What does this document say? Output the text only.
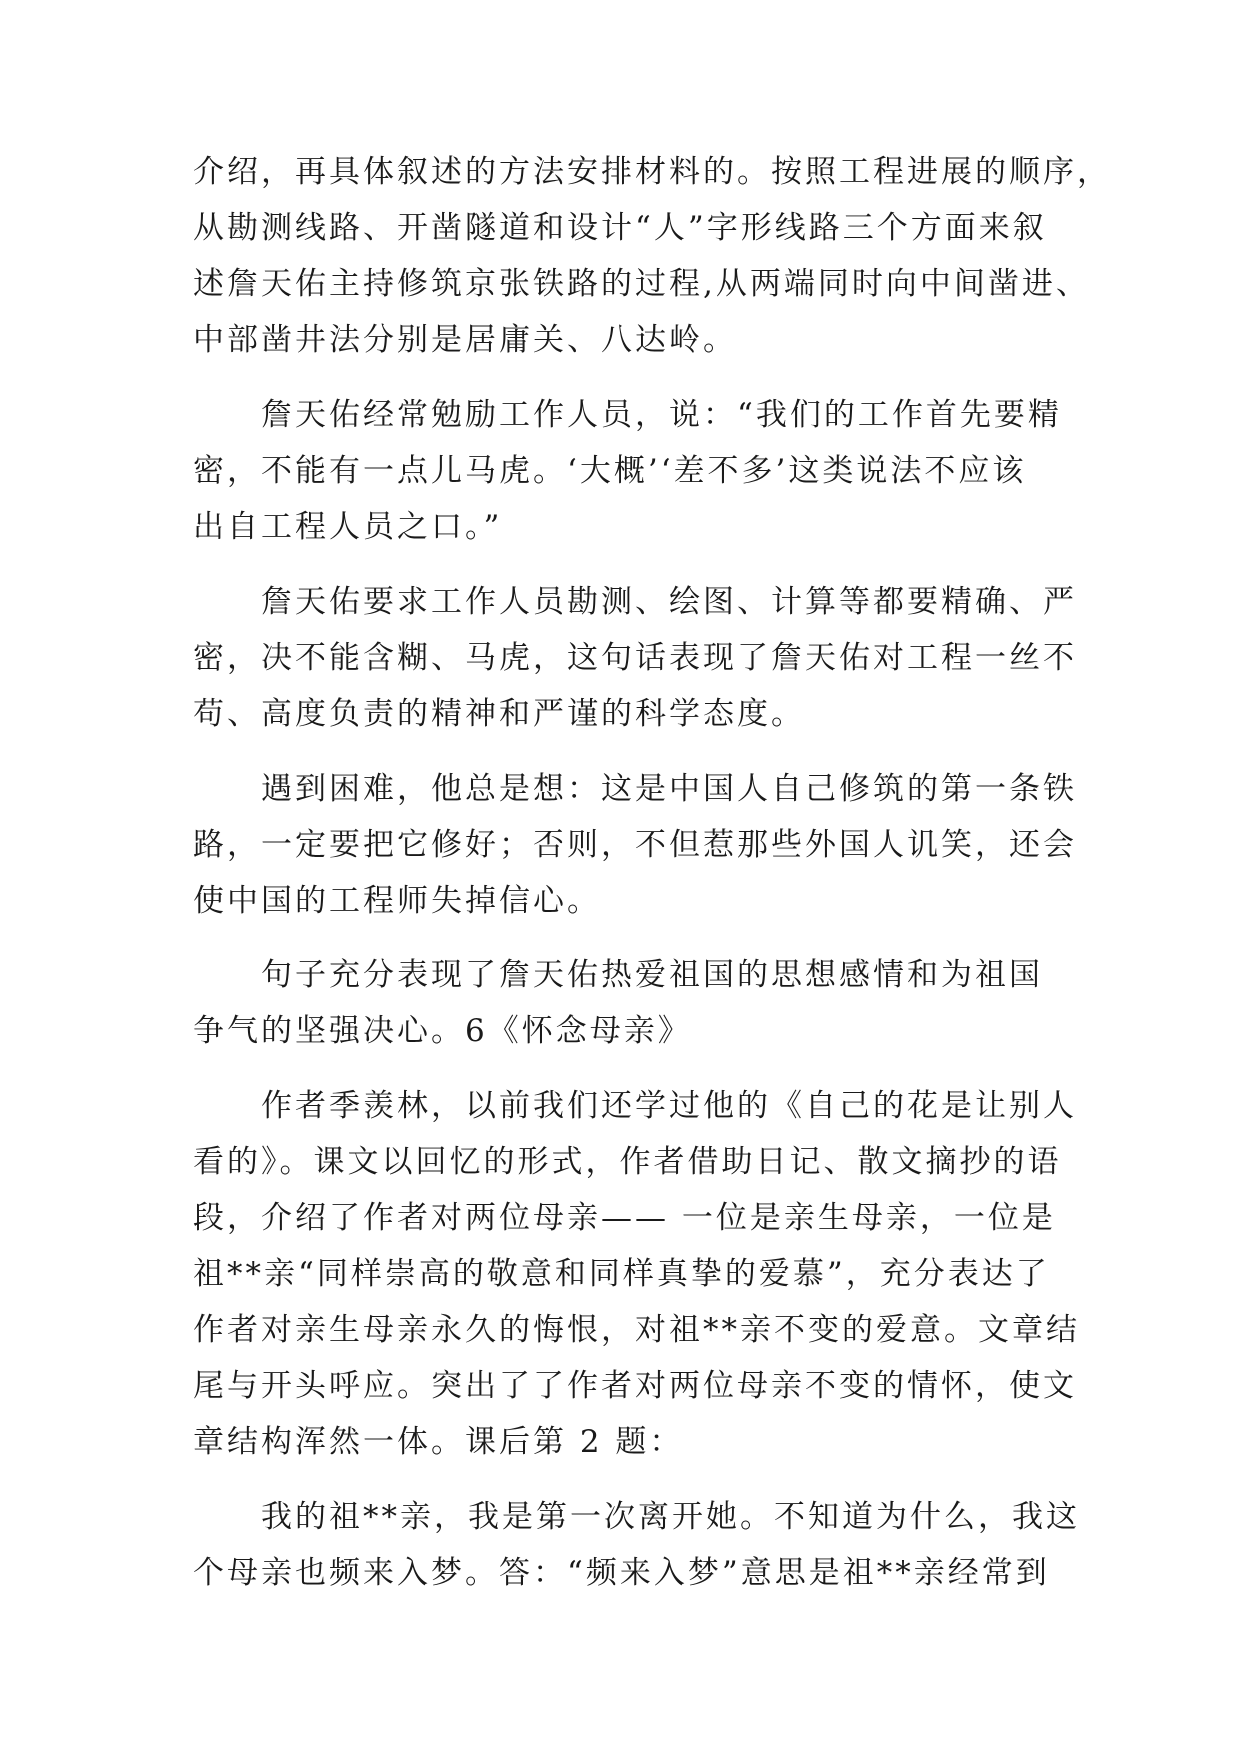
介绍，再具体叙述的方法安排材料的。按照工程进展的顺序，
从勘测线路、开凿隧道和设计“人”字形线路三个方面来叙
述詹天佑主持修筑京张铁路的过程,从两端同时向中间凿进、
中部凿井法分别是居庸关、八达岭。
　　詹天佑经常勉励工作人员，说：“我们的工作首先要精
密，不能有一点儿马虎。‘大概’‘差不多’这类说法不应该
出自工程人员之口。”
　　詹天佑要求工作人员勘测、绘图、计算等都要精确、严
密，决不能含糊、马虎，这句话表现了詹天佑对工程一丝不
苟、高度负责的精神和严谨的科学态度。
　　遇到困难，他总是想：这是中国人自己修筑的第一条铁
路，一定要把它修好；否则，不但惹那些外国人讥笑，还会
使中国的工程师失掉信心。
　　句子充分表现了詹天佑热爱祖国的思想感情和为祖国
争气的坚强决心。6《怀念母亲》
　　作者季羡林，以前我们还学过他的《自己的花是让别人
看的》。课文以回忆的形式，作者借助日记、散文摘抄的语
段，介绍了作者对两位母亲—— 一位是亲生母亲，一位是
祖**亲“同样崇高的敬意和同样真挚的爱慕”，充分表达了
作者对亲生母亲永久的悔恨，对祖**亲不变的爱意。文章结
尾与开头呼应。突出了了作者对两位母亲不变的情怀，使文
章结构浑然一体。课后第 2 题：
　　我的祖**亲，我是第一次离开她。不知道为什么，我这
个母亲也频来入梦。答：“频来入梦”意思是祖**亲经常到
